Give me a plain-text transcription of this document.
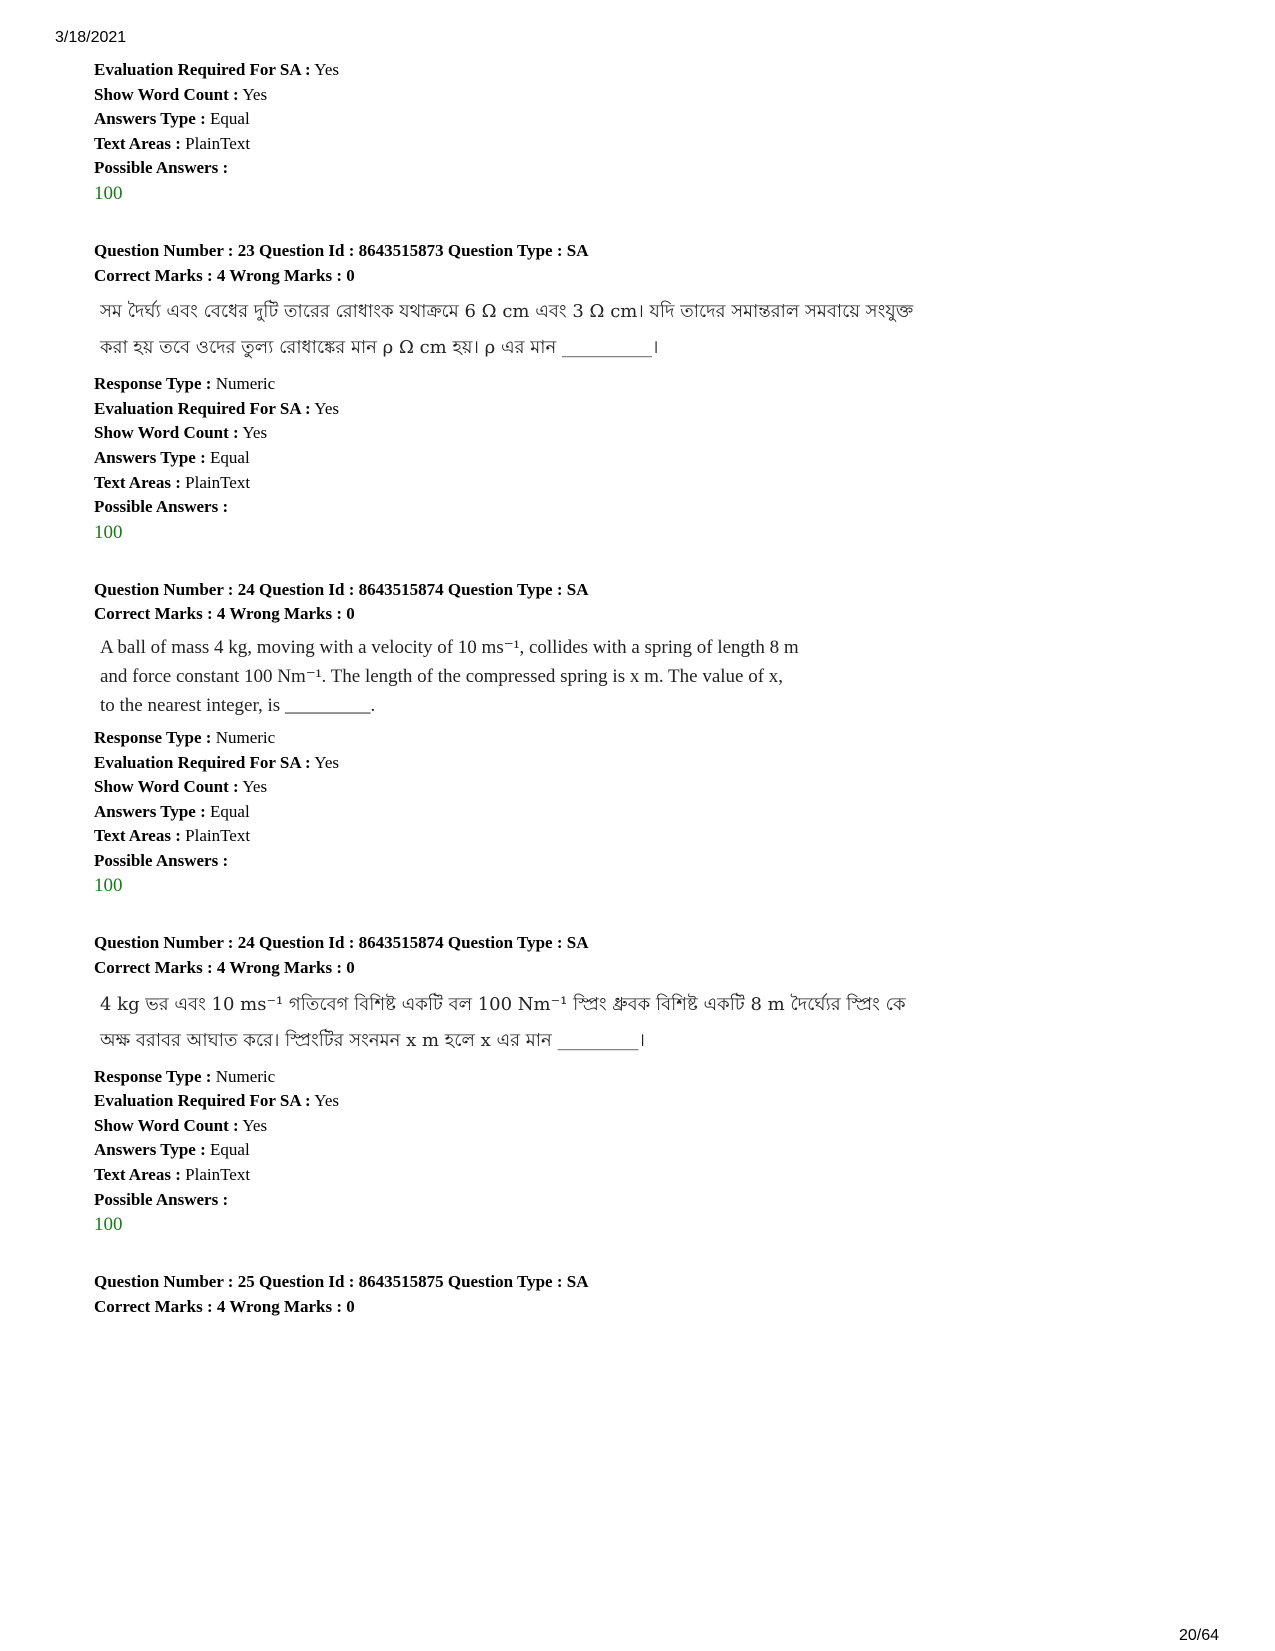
3/18/2021
Evaluation Required For SA : Yes
Show Word Count : Yes
Answers Type : Equal
Text Areas : PlainText
Possible Answers :
100
Question Number : 23 Question Id : 8643515873 Question Type : SA
Correct Marks : 4 Wrong Marks : 0

সম দৈর্ঘ্য এবং বেধের দুটি তারের রোধাংক যথাক্রমে 6 Ω cm এবং 3 Ω cm। যদি তাদের সমান্তরাল সমবায়ে সংযুক্ত

করা হয় তবে ওদের তুল্য রোধাঙ্কের মান ρ Ω cm হয়। ρ এর মান __________।

Response Type : Numeric
Evaluation Required For SA : Yes
Show Word Count : Yes
Answers Type : Equal
Text Areas : PlainText
Possible Answers :
100
Question Number : 24 Question Id : 8643515874 Question Type : SA
Correct Marks : 4 Wrong Marks : 0

A ball of mass 4 kg, moving with a velocity of 10 ms⁻¹, collides with a spring of length 8 m

and force constant 100 Nm⁻¹. The length of the compressed spring is x m. The value of x,

to the nearest integer, is _________.

Response Type : Numeric
Evaluation Required For SA : Yes
Show Word Count : Yes
Answers Type : Equal
Text Areas : PlainText
Possible Answers :
100
Question Number : 24 Question Id : 8643515874 Question Type : SA
Correct Marks : 4 Wrong Marks : 0

4 kg ভর এবং 10 ms⁻¹ গতিবেগ বিশিষ্ট একটি বল 100 Nm⁻¹ স্প্রিং ধ্রুবক বিশিষ্ট একটি 8 m দৈর্ঘ্যের স্প্রিং কে

অক্ষ বরাবর আঘাত করে। স্প্রিংটির সংনমন x m হলে x এর মান _________।

Response Type : Numeric
Evaluation Required For SA : Yes
Show Word Count : Yes
Answers Type : Equal
Text Areas : PlainText
Possible Answers :
100
Question Number : 25 Question Id : 8643515875 Question Type : SA
Correct Marks : 4 Wrong Marks : 0
20/64
